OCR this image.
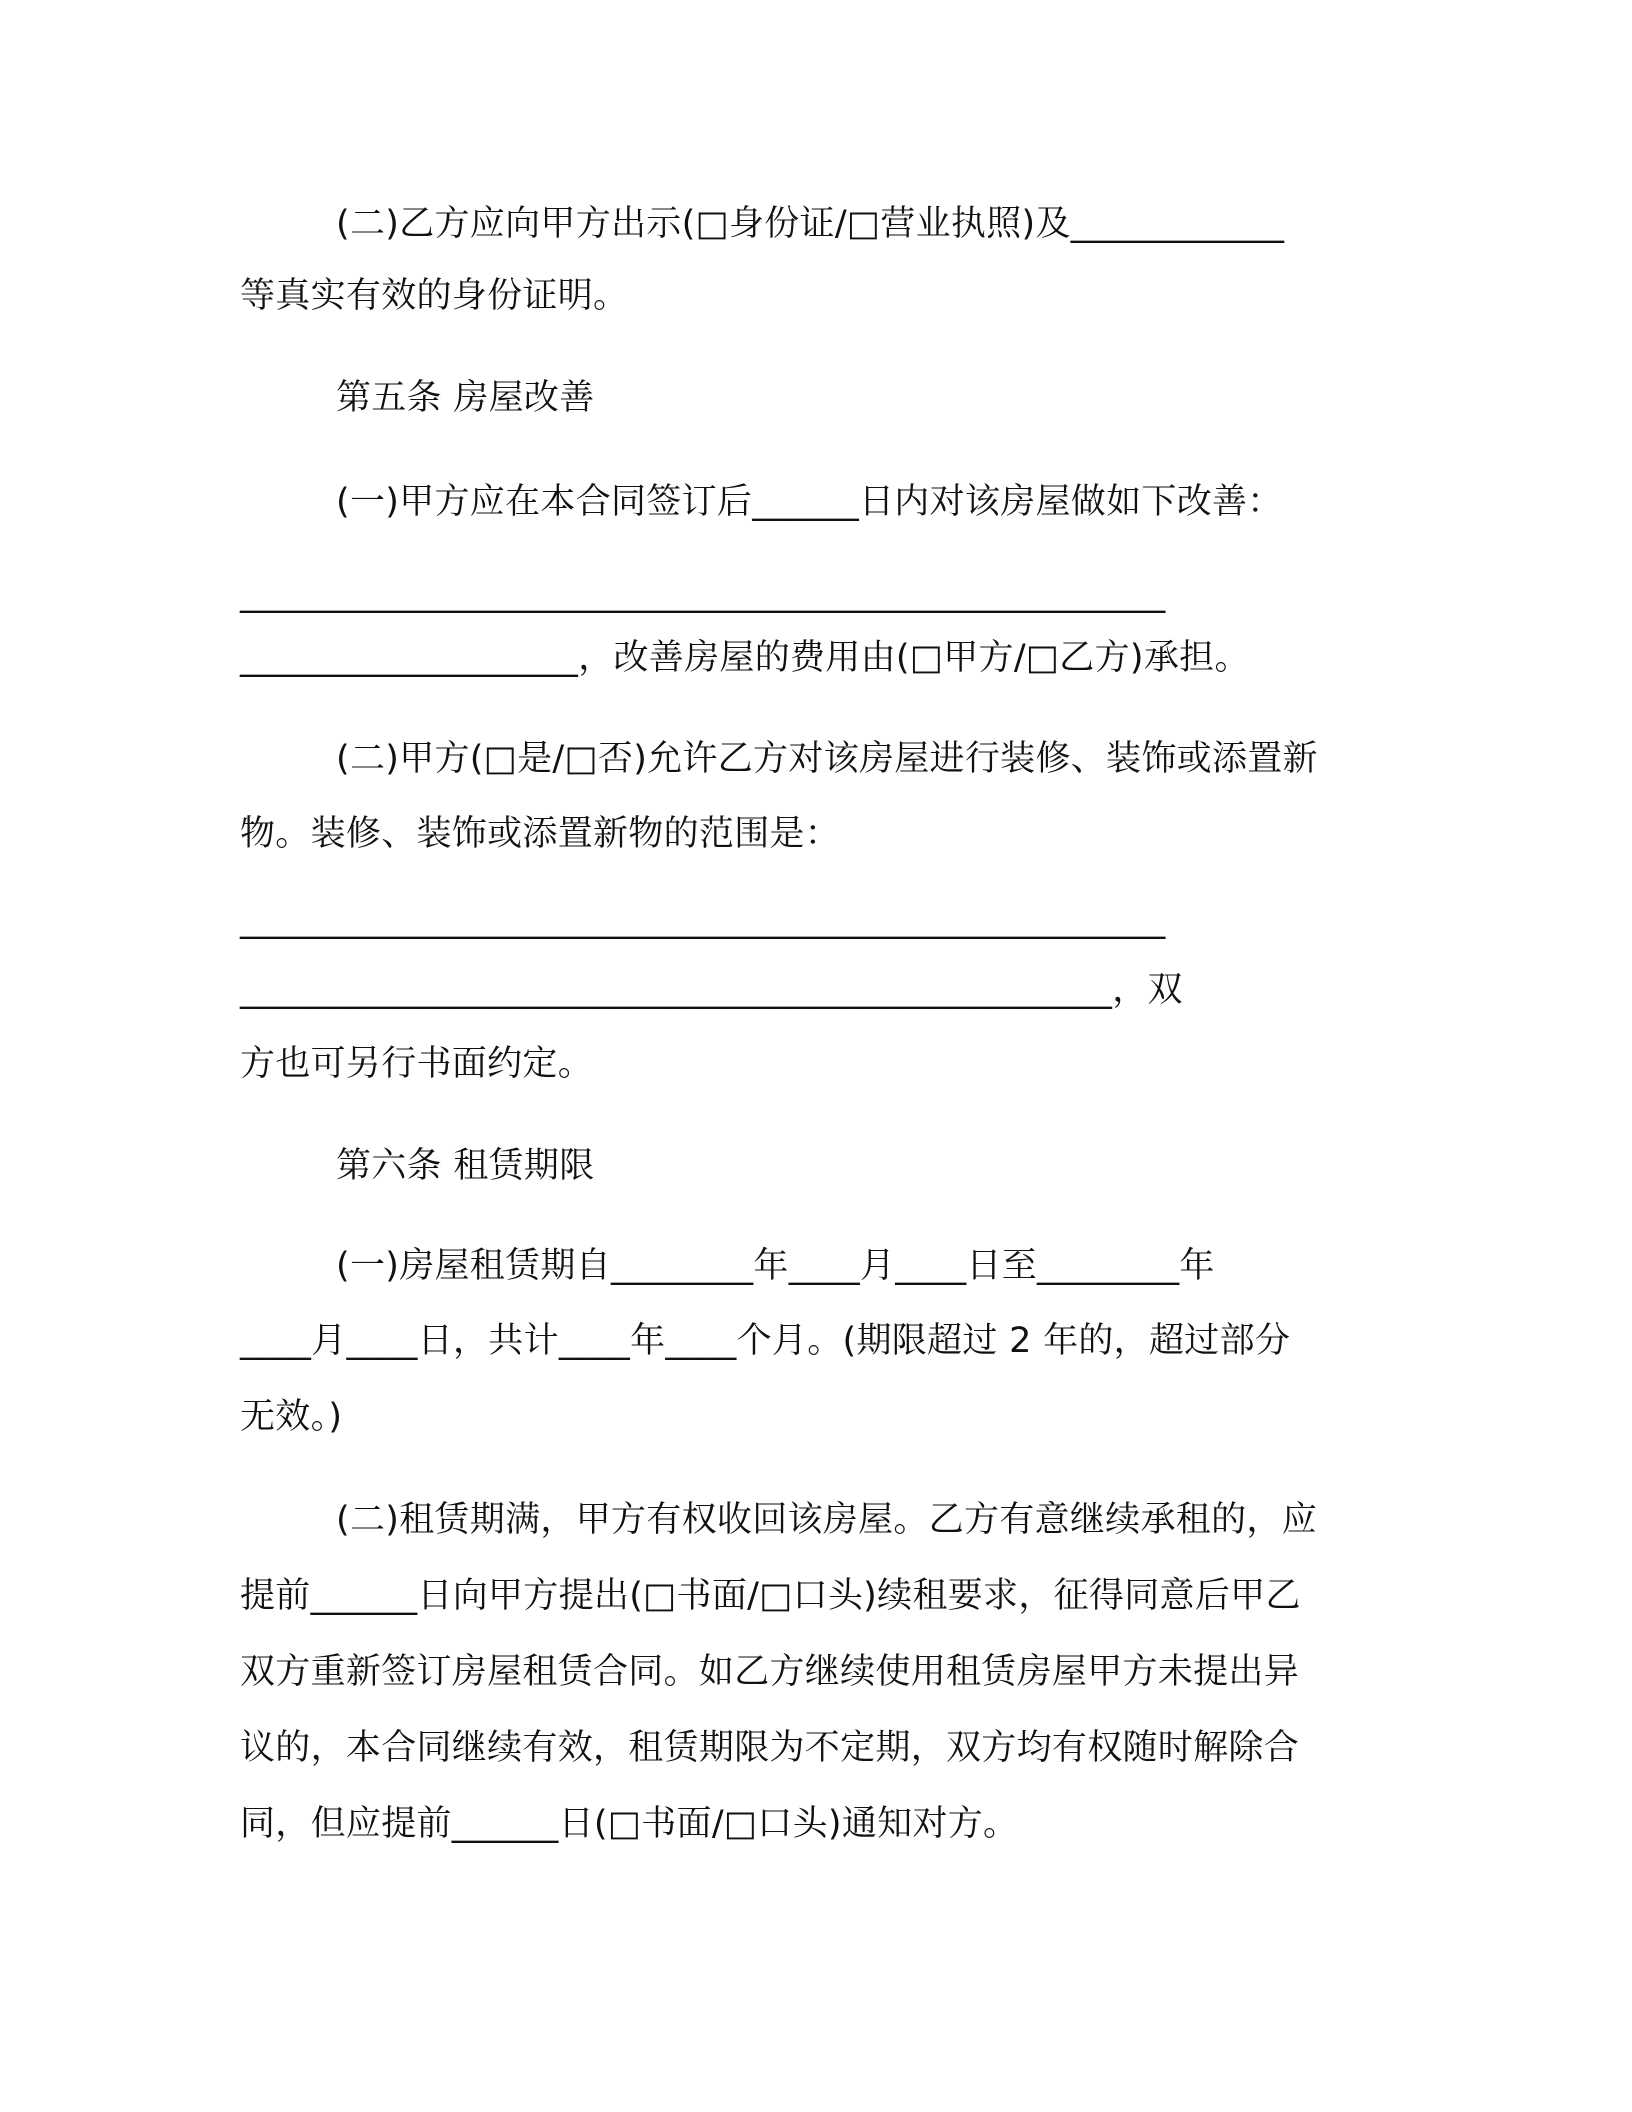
(二)乙方应向甲方出示(□身份证/□营业执照)及____________
等真实有效的身份证明。
第五条 房屋改善
(一)甲方应在本合同签订后______日内对该房屋做如下改善：
____________________________________________________
___________________，改善房屋的费用由(□甲方/□乙方)承担。
(二)甲方(□是/□否)允许乙方对该房屋进行装修、装饰或添置新
物。装修、装饰或添置新物的范围是：
____________________________________________________
_________________________________________________，双
方也可另行书面约定。
第六条 租赁期限
(一)房屋租赁期自________年____月____日至________年
____月____日，共计____年____个月。(期限超过 2 年的，超过部分
无效。)
(二)租赁期满，甲方有权收回该房屋。乙方有意继续承租的，应
提前______日向甲方提出(□书面/□口头)续租要求，征得同意后甲乙
双方重新签订房屋租赁合同。如乙方继续使用租赁房屋甲方未提出异
议的，本合同继续有效，租赁期限为不定期，双方均有权随时解除合
同，但应提前______日(□书面/□口头)通知对方。
